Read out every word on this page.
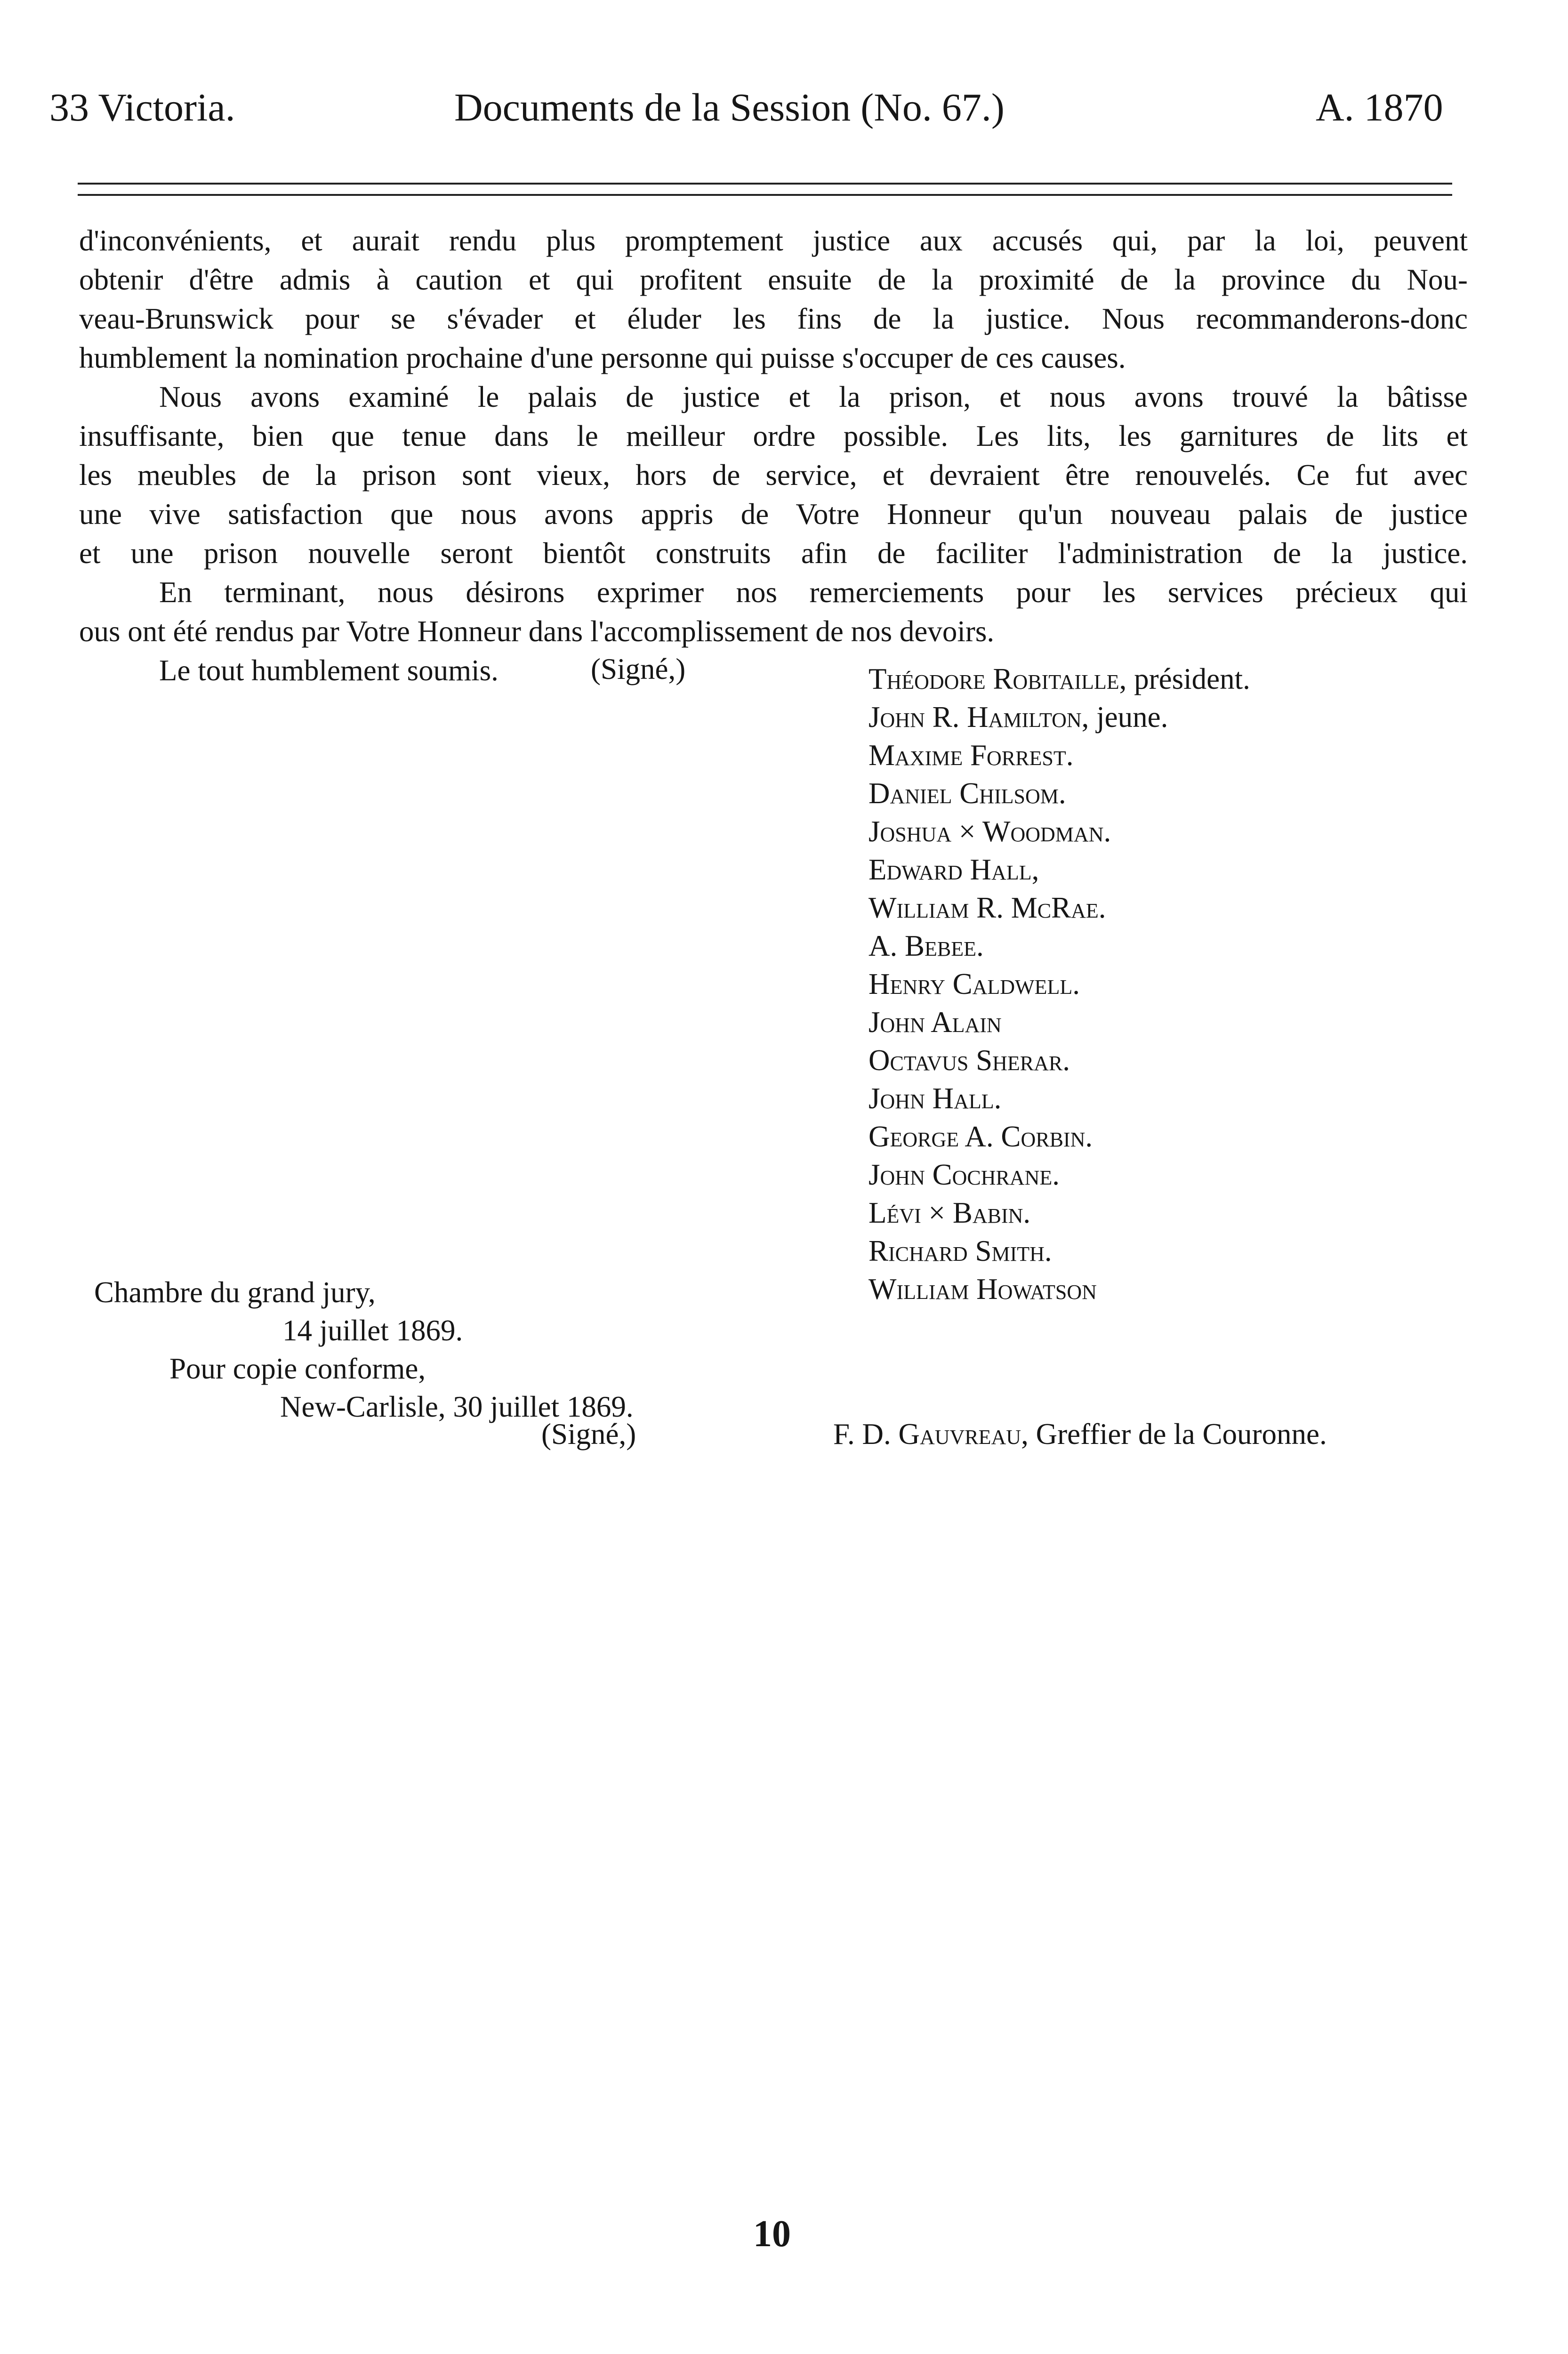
33 Victoria.	Documents de la Session (No. 67.)	A. 1870
d'inconvénients, et aurait rendu plus promptement justice aux accusés qui, par la loi, peuvent
obtenir d'être admis à caution et qui profitent ensuite de la proximité de la province du Nou-
veau-Brunswick pour se s'évader et éluder les fins de la justice. Nous recommanderons-donc
humblement la nomination prochaine d'une personne qui puisse s'occuper de ces causes.
Nous avons examiné le palais de justice et la prison, et nous avons trouvé la bâtisse
insuffisante, bien que tenue dans le meilleur ordre possible. Les lits, les garnitures de lits et
les meubles de la prison sont vieux, hors de service, et devraient être renouvelés. Ce fut avec
une vive satisfaction que nous avons appris de Votre Honneur qu'un nouveau palais de justice
et une prison nouvelle seront bientôt construits afin de faciliter l'administration de la justice.
En terminant, nous désirons exprimer nos remerciements pour les services précieux qui
ous ont été rendus par Votre Honneur dans l'accomplissement de nos devoirs.
Le tout humblement soumis.	(Signé,)	Théodore Robitaille, président.
John R. Hamilton, jeune.
Maxime Forrest.
Daniel Chilsom.
Joshua × Woodman.
Edward Hall,
William R. McRae.
A. Bebee.
Henry Caldwell.
John Alain
Octavus Sherar.
John Hall.
George A. Corbin.
John Cochrane.
Lévi × Babin.
Richard Smith.
William Howatson
Chambre du grand jury,
14 juillet 1869.
Pour copie conforme,
New-Carlisle, 30 juillet 1869.
(Signé,)	F. D. Gauvreau, Greffier de la Couronne.
10
